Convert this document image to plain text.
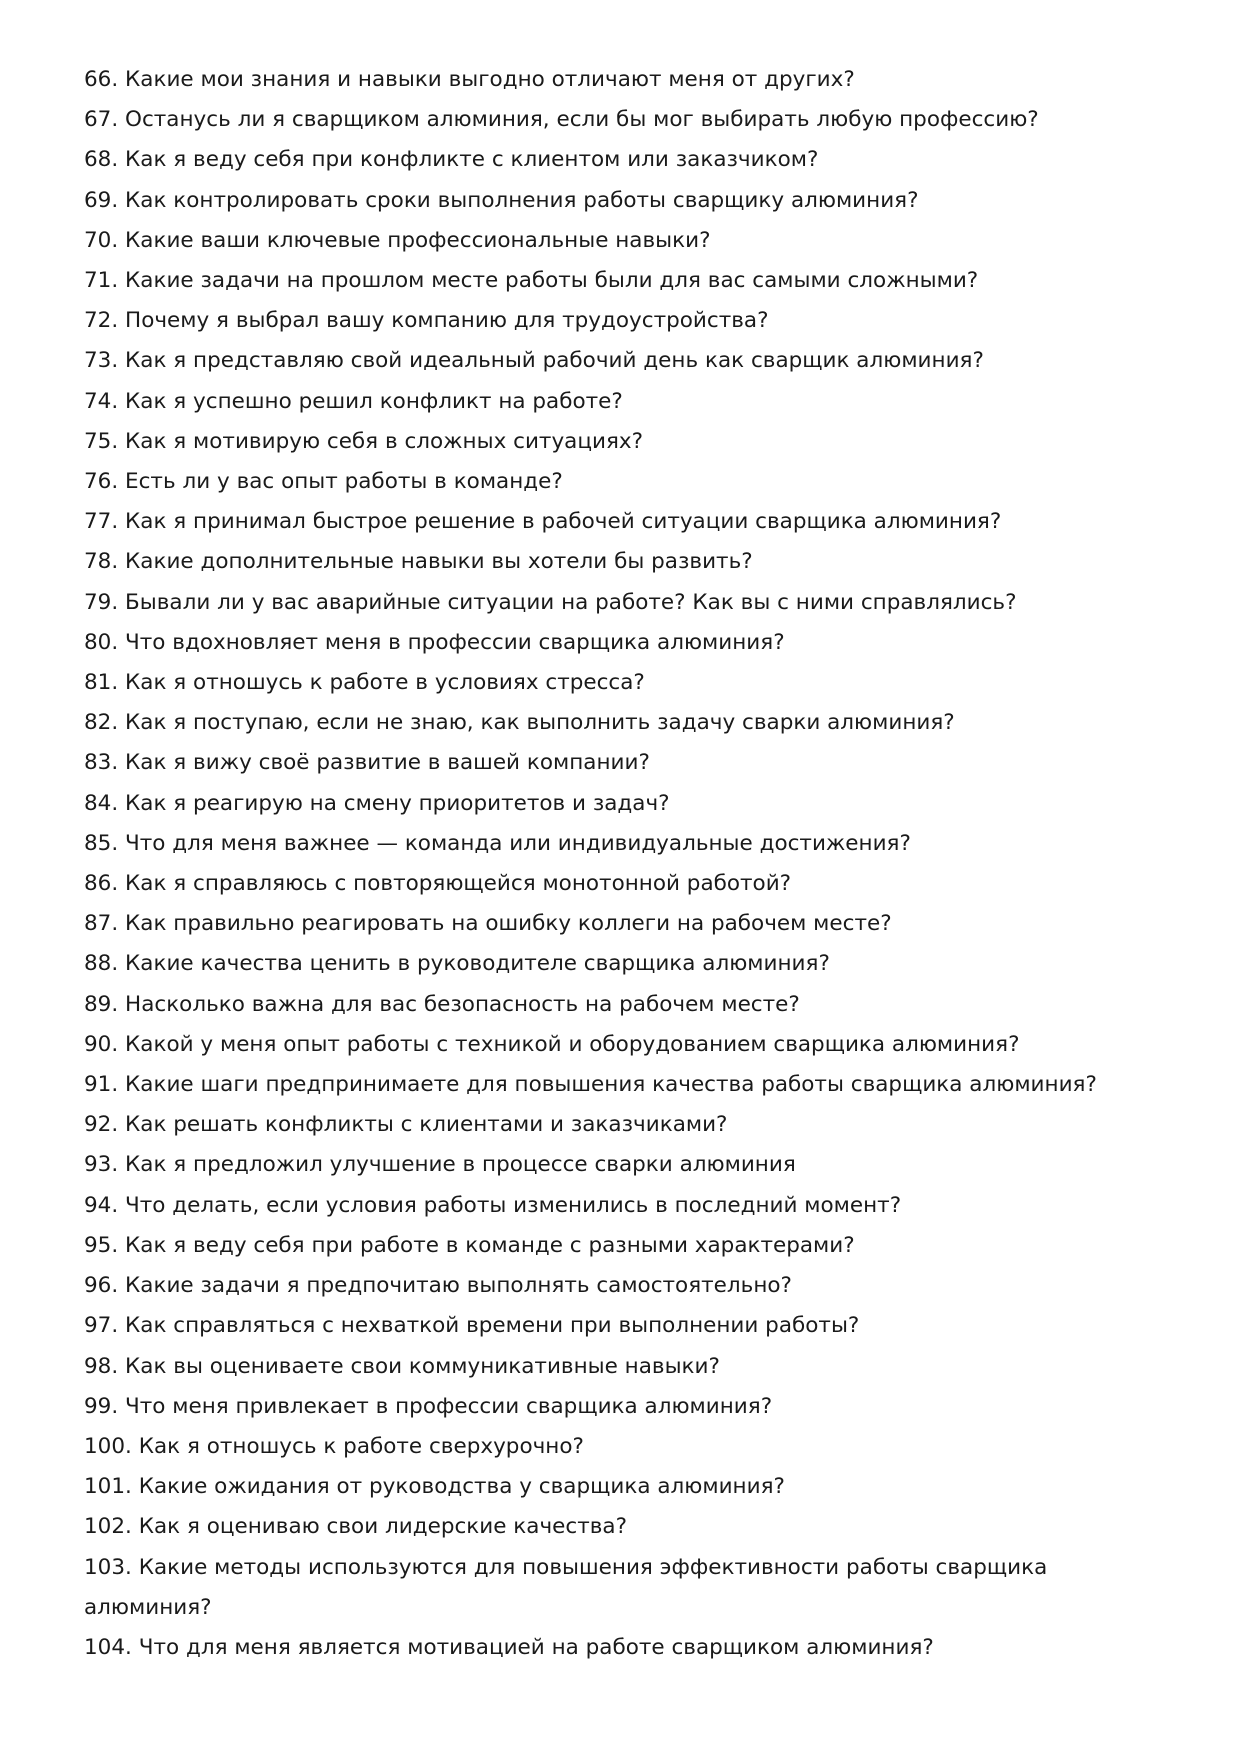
66. Какие мои знания и навыки выгодно отличают меня от других?
67. Останусь ли я сварщиком алюминия, если бы мог выбирать любую профессию?
68. Как я веду себя при конфликте с клиентом или заказчиком?
69. Как контролировать сроки выполнения работы сварщику алюминия?
70. Какие ваши ключевые профессиональные навыки?
71. Какие задачи на прошлом месте работы были для вас самыми сложными?
72. Почему я выбрал вашу компанию для трудоустройства?
73. Как я представляю свой идеальный рабочий день как сварщик алюминия?
74. Как я успешно решил конфликт на работе?
75. Как я мотивирую себя в сложных ситуациях?
76. Есть ли у вас опыт работы в команде?
77. Как я принимал быстрое решение в рабочей ситуации сварщика алюминия?
78. Какие дополнительные навыки вы хотели бы развить?
79. Бывали ли у вас аварийные ситуации на работе? Как вы с ними справлялись?
80. Что вдохновляет меня в профессии сварщика алюминия?
81. Как я отношусь к работе в условиях стресса?
82. Как я поступаю, если не знаю, как выполнить задачу сварки алюминия?
83. Как я вижу своё развитие в вашей компании?
84. Как я реагирую на смену приоритетов и задач?
85. Что для меня важнее — команда или индивидуальные достижения?
86. Как я справляюсь с повторяющейся монотонной работой?
87. Как правильно реагировать на ошибку коллеги на рабочем месте?
88. Какие качества ценить в руководителе сварщика алюминия?
89. Насколько важна для вас безопасность на рабочем месте?
90. Какой у меня опыт работы с техникой и оборудованием сварщика алюминия?
91. Какие шаги предпринимаете для повышения качества работы сварщика алюминия?
92. Как решать конфликты с клиентами и заказчиками?
93. Как я предложил улучшение в процессе сварки алюминия
94. Что делать, если условия работы изменились в последний момент?
95. Как я веду себя при работе в команде с разными характерами?
96. Какие задачи я предпочитаю выполнять самостоятельно?
97. Как справляться с нехваткой времени при выполнении работы?
98. Как вы оцениваете свои коммуникативные навыки?
99. Что меня привлекает в профессии сварщика алюминия?
100. Как я отношусь к работе сверхурочно?
101. Какие ожидания от руководства у сварщика алюминия?
102. Как я оцениваю свои лидерские качества?
103. Какие методы используются для повышения эффективности работы сварщика алюминия?
104. Что для меня является мотивацией на работе сварщиком алюминия?
